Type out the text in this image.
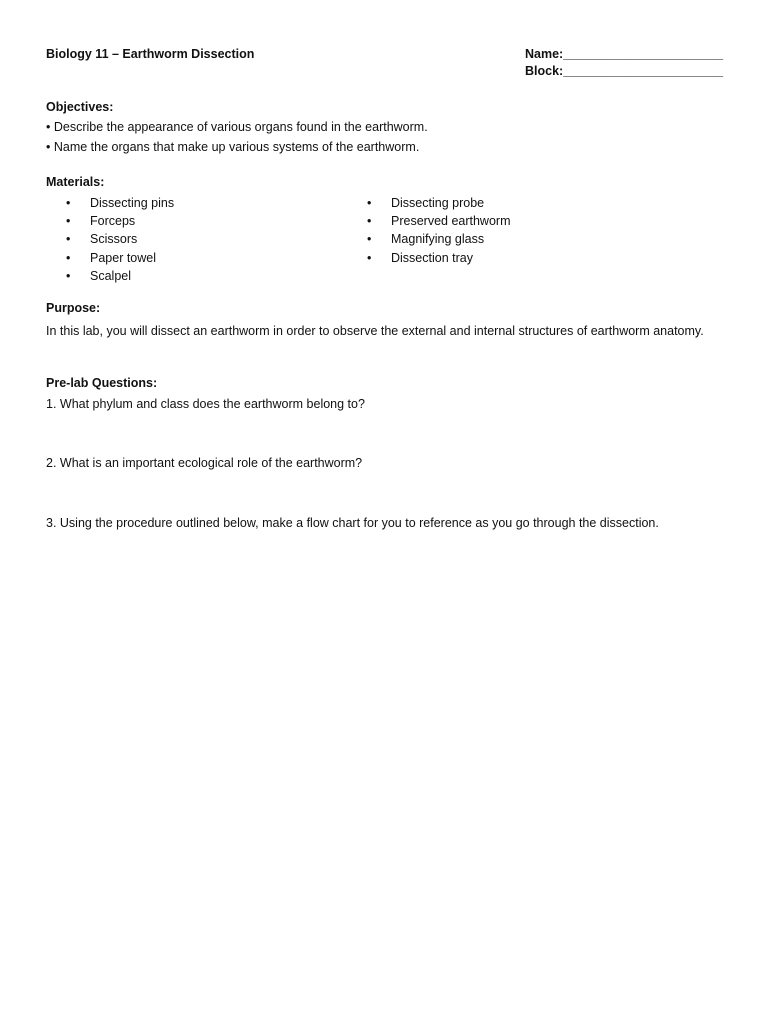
Biology 11 – Earthworm Dissection	Name:_______________________
Block:_______________________
Objectives:
• Describe the appearance of various organs found in the earthworm.
• Name the organs that make up various systems of the earthworm.
Materials:
•	Dissecting pins
•	Forceps
•	Scissors
•	Paper towel
•	Scalpel
•	Dissecting probe
•	Preserved earthworm
•	Magnifying glass
•	Dissection tray
Purpose:
In this lab, you will dissect an earthworm in order to observe the external and internal structures of earthworm anatomy.
Pre-lab Questions:
1. What phylum and class does the earthworm belong to?
2. What is an important ecological role of the earthworm?
3. Using the procedure outlined below, make a flow chart for you to reference as you go through the dissection.
